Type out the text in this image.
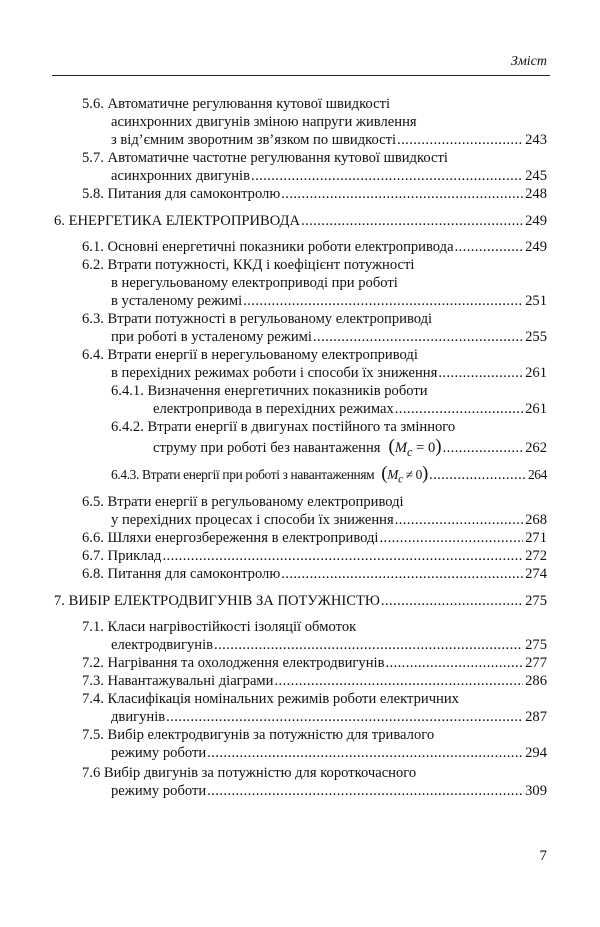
Зміст
5.6. Автоматичне регулювання кутової швидкості
асинхронних двигунів зміною напруги живлення
з від’ємним зворотним зв’язком по швидкості .....	243
5.7. Автоматичне частотне регулювання кутової швидкості
асинхронних двигунів .....	245
5.8. Питания для самоконтролю .....	248
6. ЕНЕРГЕТИКА ЕЛЕКТРОПРИВОДА .....	249
6.1. Основні енергетичні показники роботи електропривода .....	249
6.2. Втрати потужності, ККД і коефіцієнт потужності
в нерегульованому електроприводі при роботі
в усталеному режимі .....	251
6.3. Втрати потужності в регульованому електроприводі
при роботі в усталеному режимі .....	255
6.4. Втрати енергії в нерегульованому електроприводі
в перехідних режимах роботи і способи їх зниження .....	261
6.4.1. Визначення енергетичних показників роботи
електропривода в перехідних режимах .....	261
6.4.2. Втрати енергії в двигунах постійного та змінного
струму при роботі без навантаження $(M_c = 0)$ .....	262
6.4.3. Втрати енергії при роботі з навантаженням $(M_c \ne 0)$ .....	264
6.5. Втрати енергії в регульованому електроприводі
у перехідних процесах і способи їх зниження .....	268
6.6. Шляхи енергозбереження в електроприводі .....	271
6.7. Приклад .....	272
6.8. Питання для самоконтролю .....	274
7. ВИБІР ЕЛЕКТРОДВИГУНІВ ЗА ПОТУЖНІСТЮ .....	275
7.1. Класи нагрівостійкості ізоляції обмоток
електродвигунів .....	275
7.2. Нагрівання та охолодження електродвигунів .....	277
7.3. Навантажувальні діаграми .....	286
7.4. Класифікація номінальних режимів роботи електричних
двигунів .....	287
7.5. Вибір електродвигунів за потужністю для тривалого
режиму роботи .....	294
7.6 Вибір двигунів за потужністю для короткочасного
режиму роботи .....	309
7
